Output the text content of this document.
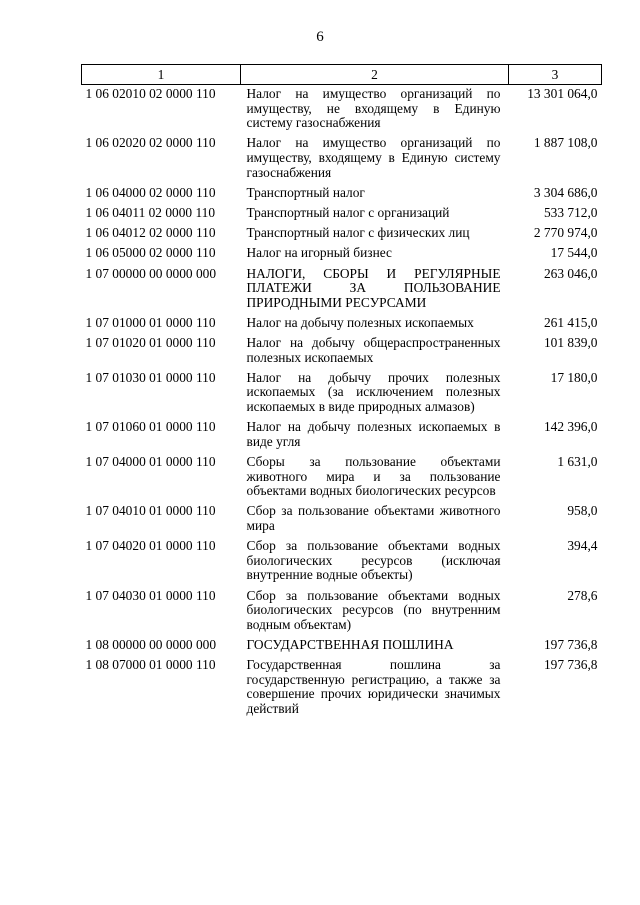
6
1	2	3
1 06 02010 02 0000 110	Налог на имущество организаций по имуществу, не входящему в Единую систему газоснабжения	13 301 064,0
1 06 02020 02 0000 110	Налог на имущество организаций по имуществу, входящему в Единую систему газоснабжения	1 887 108,0
1 06 04000 02 0000 110	Транспортный налог	3 304 686,0
1 06 04011 02 0000 110	Транспортный налог с организаций	533 712,0
1 06 04012 02 0000 110	Транспортный налог с физических лиц	2 770 974,0
1 06 05000 02 0000 110	Налог на игорный бизнес	17 544,0
1 07 00000 00 0000 000	НАЛОГИ, СБОРЫ И РЕГУЛЯРНЫЕ ПЛАТЕЖИ ЗА ПОЛЬЗОВАНИЕ ПРИРОДНЫМИ РЕСУРСАМИ	263 046,0
1 07 01000 01 0000 110	Налог на добычу полезных ископаемых	261 415,0
1 07 01020 01 0000 110	Налог на добычу общераспространенных полезных ископаемых	101 839,0
1 07 01030 01 0000 110	Налог на добычу прочих полезных ископаемых (за исключением полезных ископаемых в виде природных алмазов)	17 180,0
1 07 01060 01 0000 110	Налог на добычу полезных ископаемых в виде угля	142 396,0
1 07 04000 01 0000 110	Сборы за пользование объектами животного мира и за пользование объектами водных биологических ресурсов	1 631,0
1 07 04010 01 0000 110	Сбор за пользование объектами животного мира	958,0
1 07 04020 01 0000 110	Сбор за пользование объектами водных биологических ресурсов (исключая внутренние водные объекты)	394,4
1 07 04030 01 0000 110	Сбор за пользование объектами водных биологических ресурсов (по внутренним водным объектам)	278,6
1 08 00000 00 0000 000	ГОСУДАРСТВЕННАЯ ПОШЛИНА	197 736,8
1 08 07000 01 0000 110	Государственная пошлина за государственную регистрацию, а также за совершение прочих юридически значимых действий	197 736,8
